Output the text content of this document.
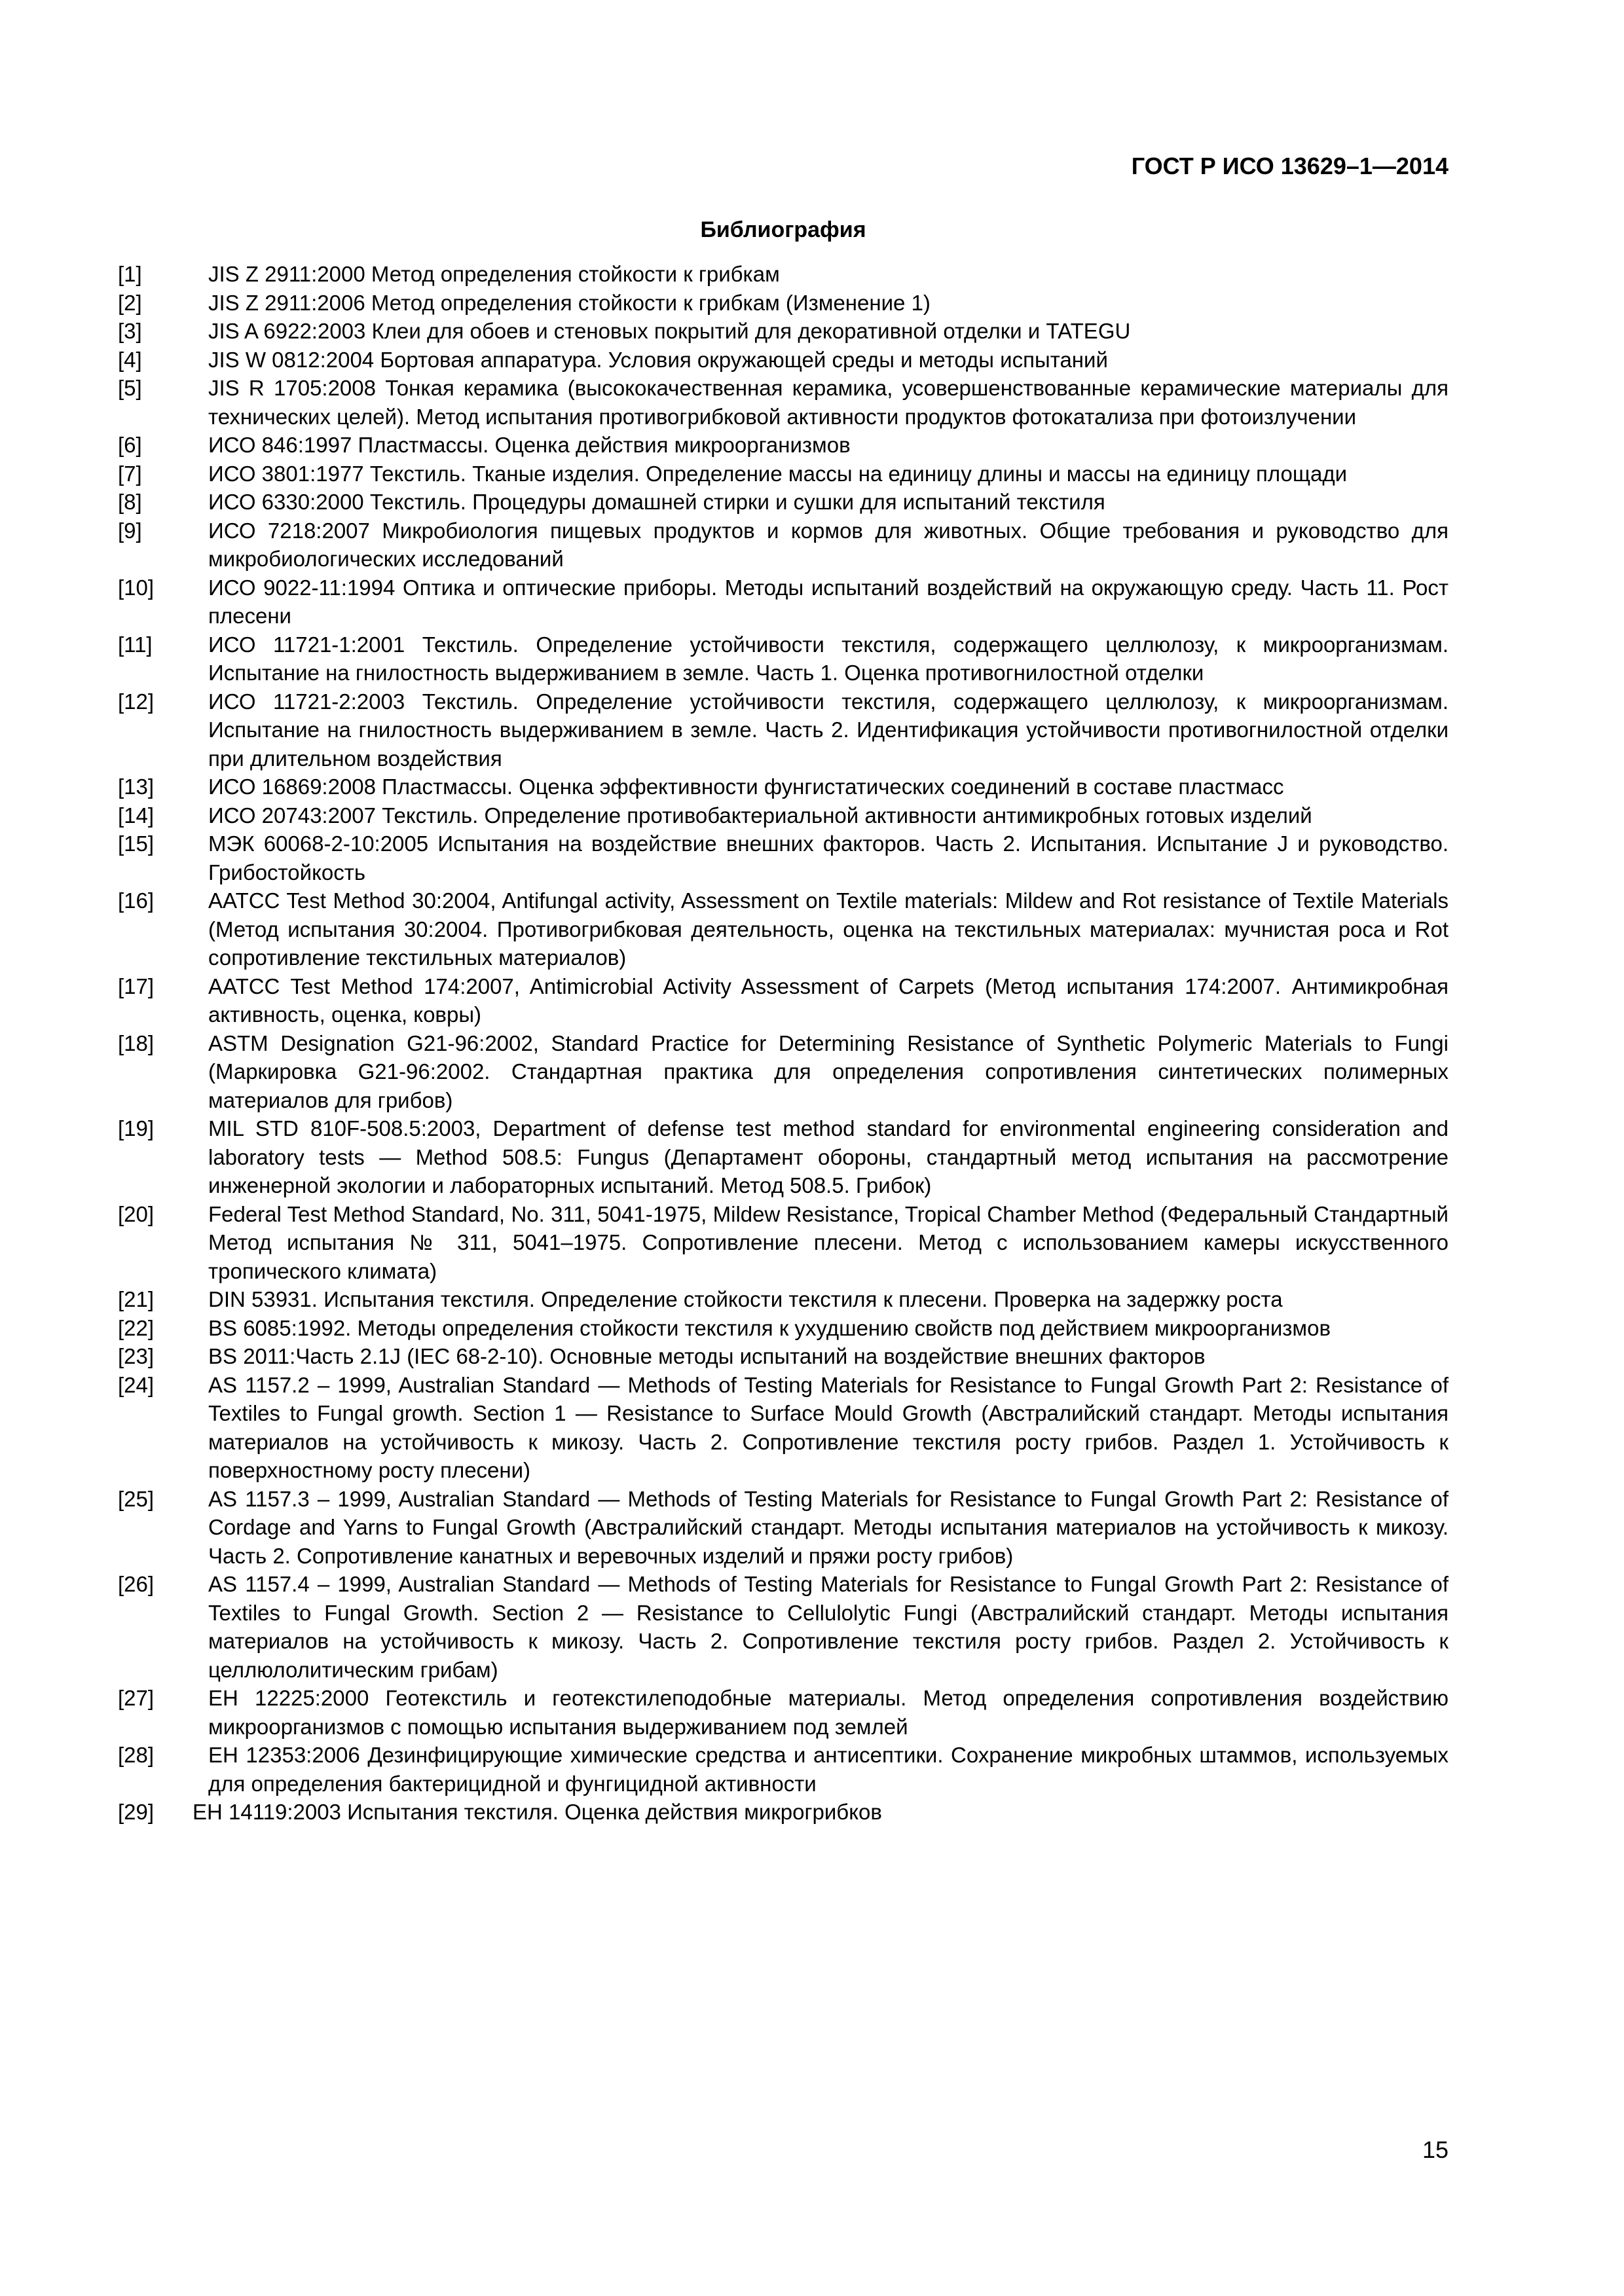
ГОСТ Р ИСО 13629–1—2014
Библиография
[1]	JIS Z 2911:2000 Метод определения стойкости к грибкам
[2]	JIS Z 2911:2006 Метод определения стойкости к грибкам (Изменение 1)
[3]	JIS A 6922:2003 Клеи для обоев и стеновых покрытий для декоративной отделки и TATEGU
[4]	JIS W 0812:2004 Бортовая аппаратура. Условия окружающей среды и методы испытаний
[5]	JIS R 1705:2008 Тонкая керамика (высококачественная керамика, усовершенствованные керамические материалы для технических целей). Метод испытания противогрибковой активности продуктов фотокатализа при фотоизлучении
[6]	ИСО 846:1997 Пластмассы. Оценка действия микроорганизмов
[7]	ИСО 3801:1977 Текстиль. Тканые изделия. Определение массы на единицу длины и массы на единицу площади
[8]	ИСО 6330:2000 Текстиль. Процедуры домашней стирки и сушки для испытаний текстиля
[9]	ИСО 7218:2007 Микробиология пищевых продуктов и кормов для животных. Общие требования и руководство для микробиологических исследований
[10]	ИСО 9022-11:1994 Оптика и оптические приборы. Методы испытаний воздействий на окружающую среду. Часть 11. Рост плесени
[11]	ИСО 11721-1:2001 Текстиль. Определение устойчивости текстиля, содержащего целлюлозу, к микроорганизмам. Испытание на гнилостность выдерживанием в земле. Часть 1. Оценка противогнилостной отделки
[12]	ИСО 11721-2:2003 Текстиль. Определение устойчивости текстиля, содержащего целлюлозу, к микроорганизмам. Испытание на гнилостность выдерживанием в земле. Часть 2. Идентификация устойчивости противогнилостной отделки при длительном воздействия
[13]	ИСО 16869:2008 Пластмассы. Оценка эффективности фунгистатических соединений в составе пластмасс
[14]	ИСО 20743:2007 Текстиль. Определение противобактериальной активности антимикробных готовых изделий
[15]	МЭК 60068-2-10:2005 Испытания на воздействие внешних факторов. Часть 2. Испытания. Испытание J и руководство. Грибостойкость
[16]	AATCC Test Method 30:2004, Antifungal activity, Assessment on Textile materials: Mildew and Rot resistance of Textile Materials (Метод испытания 30:2004. Противогрибковая деятельность, оценка на текстильных материалах: мучнистая роса и Rot сопротивление текстильных материалов)
[17]	AATCC Test Method 174:2007, Antimicrobial Activity Assessment of Carpets (Метод испытания 174:2007. Антимикробная активность, оценка, ковры)
[18]	ASTM Designation G21-96:2002, Standard Practice for Determining Resistance of Synthetic Polymeric Materials to Fungi (Маркировка G21-96:2002. Стандартная практика для определения сопротивления синтетических полимерных материалов для грибов)
[19]	MIL STD 810F-508.5:2003, Department of defense test method standard for environmental engineering consideration and laboratory tests — Method 508.5: Fungus (Департамент обороны, стандартный метод испытания на рассмотрение инженерной экологии и лабораторных испытаний. Метод 508.5. Грибок)
[20]	Federal Test Method Standard, No. 311, 5041-1975, Mildew Resistance, Tropical Chamber Method (Федеральный Стандартный Метод испытания № 311, 5041–1975. Сопротивление плесени. Метод с использованием камеры искусственного тропического климата)
[21]	DIN 53931. Испытания текстиля. Определение стойкости текстиля к плесени. Проверка на задержку роста
[22]	BS 6085:1992. Методы определения стойкости текстиля к ухудшению свойств под действием микроорганизмов
[23]	BS 2011:Часть 2.1J (IEC 68-2-10). Основные методы испытаний на воздействие внешних факторов
[24]	AS 1157.2 – 1999, Australian Standard — Methods of Testing Materials for Resistance to Fungal Growth Part 2: Resistance of Textiles to Fungal growth. Section 1 — Resistance to Surface Mould Growth (Австралийский стандарт. Методы испытания материалов на устойчивость к микозу. Часть 2. Сопротивление текстиля росту грибов. Раздел 1. Устойчивость к поверхностному росту плесени)
[25]	AS 1157.3 – 1999, Australian Standard — Methods of Testing Materials for Resistance to Fungal Growth Part 2: Resistance of Cordage and Yarns to Fungal Growth (Австралийский стандарт. Методы испытания материалов на устойчивость к микозу. Часть 2. Сопротивление канатных и веревочных изделий и пряжи росту грибов)
[26]	AS 1157.4 – 1999, Australian Standard — Methods of Testing Materials for Resistance to Fungal Growth Part 2: Resistance of Textiles to Fungal Growth. Section 2 — Resistance to Cellulolytic Fungi (Австралийский стандарт. Методы испытания материалов на устойчивость к микозу. Часть 2. Сопротивление текстиля росту грибов. Раздел 2. Устойчивость к целлюлолитическим грибам)
[27]	ЕН 12225:2000 Геотекстиль и геотекстилеподобные материалы. Метод определения сопротивления воздействию микроорганизмов с помощью испытания выдерживанием под землей
[28]	ЕН 12353:2006 Дезинфицирующие химические средства и антисептики. Сохранение микробных штаммов, используемых для определения бактерицидной и фунгицидной активности
[29]	ЕН 14119:2003 Испытания текстиля. Оценка действия микрогрибков
15
